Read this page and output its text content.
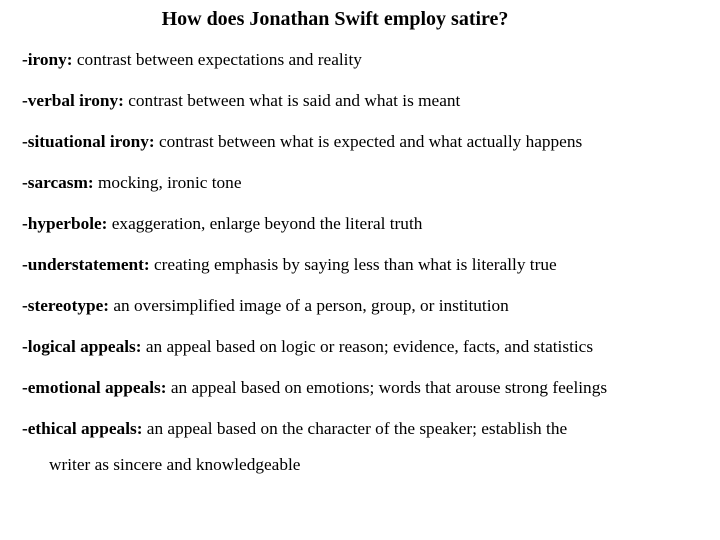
How does Jonathan Swift employ satire?
-irony: contrast between expectations and reality
-verbal irony: contrast between what is said and what is meant
-situational irony: contrast between what is expected and what actually happens
-sarcasm: mocking, ironic tone
-hyperbole: exaggeration, enlarge beyond the literal truth
-understatement: creating emphasis by saying less than what is literally true
-stereotype: an oversimplified image of a person, group, or institution
-logical appeals: an appeal based on logic or reason; evidence, facts, and statistics
-emotional appeals: an appeal based on emotions; words that arouse strong feelings
-ethical appeals: an appeal based on the character of the speaker; establish the
writer as sincere and knowledgeable
